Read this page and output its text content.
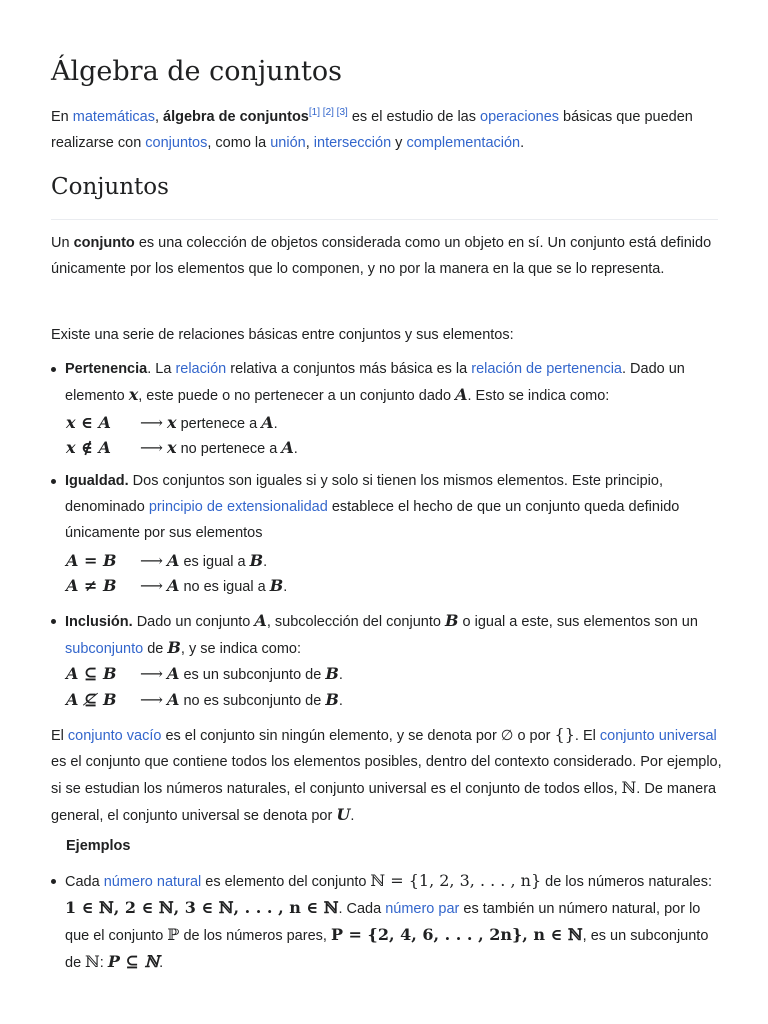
Álgebra de conjuntos

En matemáticas, álgebra de conjuntos[1] [2] [3] es el estudio de las operaciones básicas que pueden realizarse con conjuntos, como la unión, intersección y complementación.

Conjuntos

Un conjunto es una colección de objetos considerada como un objeto en sí. Un conjunto está definido únicamente por los elementos que lo componen, y no por la manera en la que se lo representa.

Existe una serie de relaciones básicas entre conjuntos y sus elementos:

Pertenencia. La relación relativa a conjuntos más básica es la relación de pertenencia. Dado un elemento x, este puede o no pertenecer a un conjunto dado A. Esto se indica como:
x ∈ A ⟶ x pertenece a A.
x ∉ A ⟶ x no pertenece a A.
Igualdad. Dos conjuntos son iguales si y solo si tienen los mismos elementos. Este principio, denominado principio de extensionalidad establece el hecho de que un conjunto queda definido únicamente por sus elementos
A = B ⟶ A es igual a B.
A ≠ B ⟶ A no es igual a B.
Inclusión. Dado un conjunto A, subcolección del conjunto B o igual a este, sus elementos son un subconjunto de B, y se indica como:
A ⊆ B ⟶ A es un subconjunto de B.
A ⊈ B ⟶ A no es subconjunto de B.

El conjunto vacío es el conjunto sin ningún elemento, y se denota por ∅ o por {}. El conjunto universal es el conjunto que contiene todos los elementos posibles, dentro del contexto considerado. Por ejemplo, si se estudian los números naturales, el conjunto universal es el conjunto de todos ellos, ℕ. De manera general, el conjunto universal se denota por U.

Ejemplos
Cada número natural es elemento del conjunto ℕ = {1, 2, 3, . . . , n} de los números naturales: 1 ∈ ℕ, 2 ∈ ℕ, 3 ∈ ℕ, . . . , n ∈ ℕ. Cada número par es también un número natural, por lo que el conjunto ℙ de los números pares, P = {2, 4, 6, . . . , 2n}, n ∈ ℕ, es un subconjunto de ℕ: P ⊆ ℕ.
